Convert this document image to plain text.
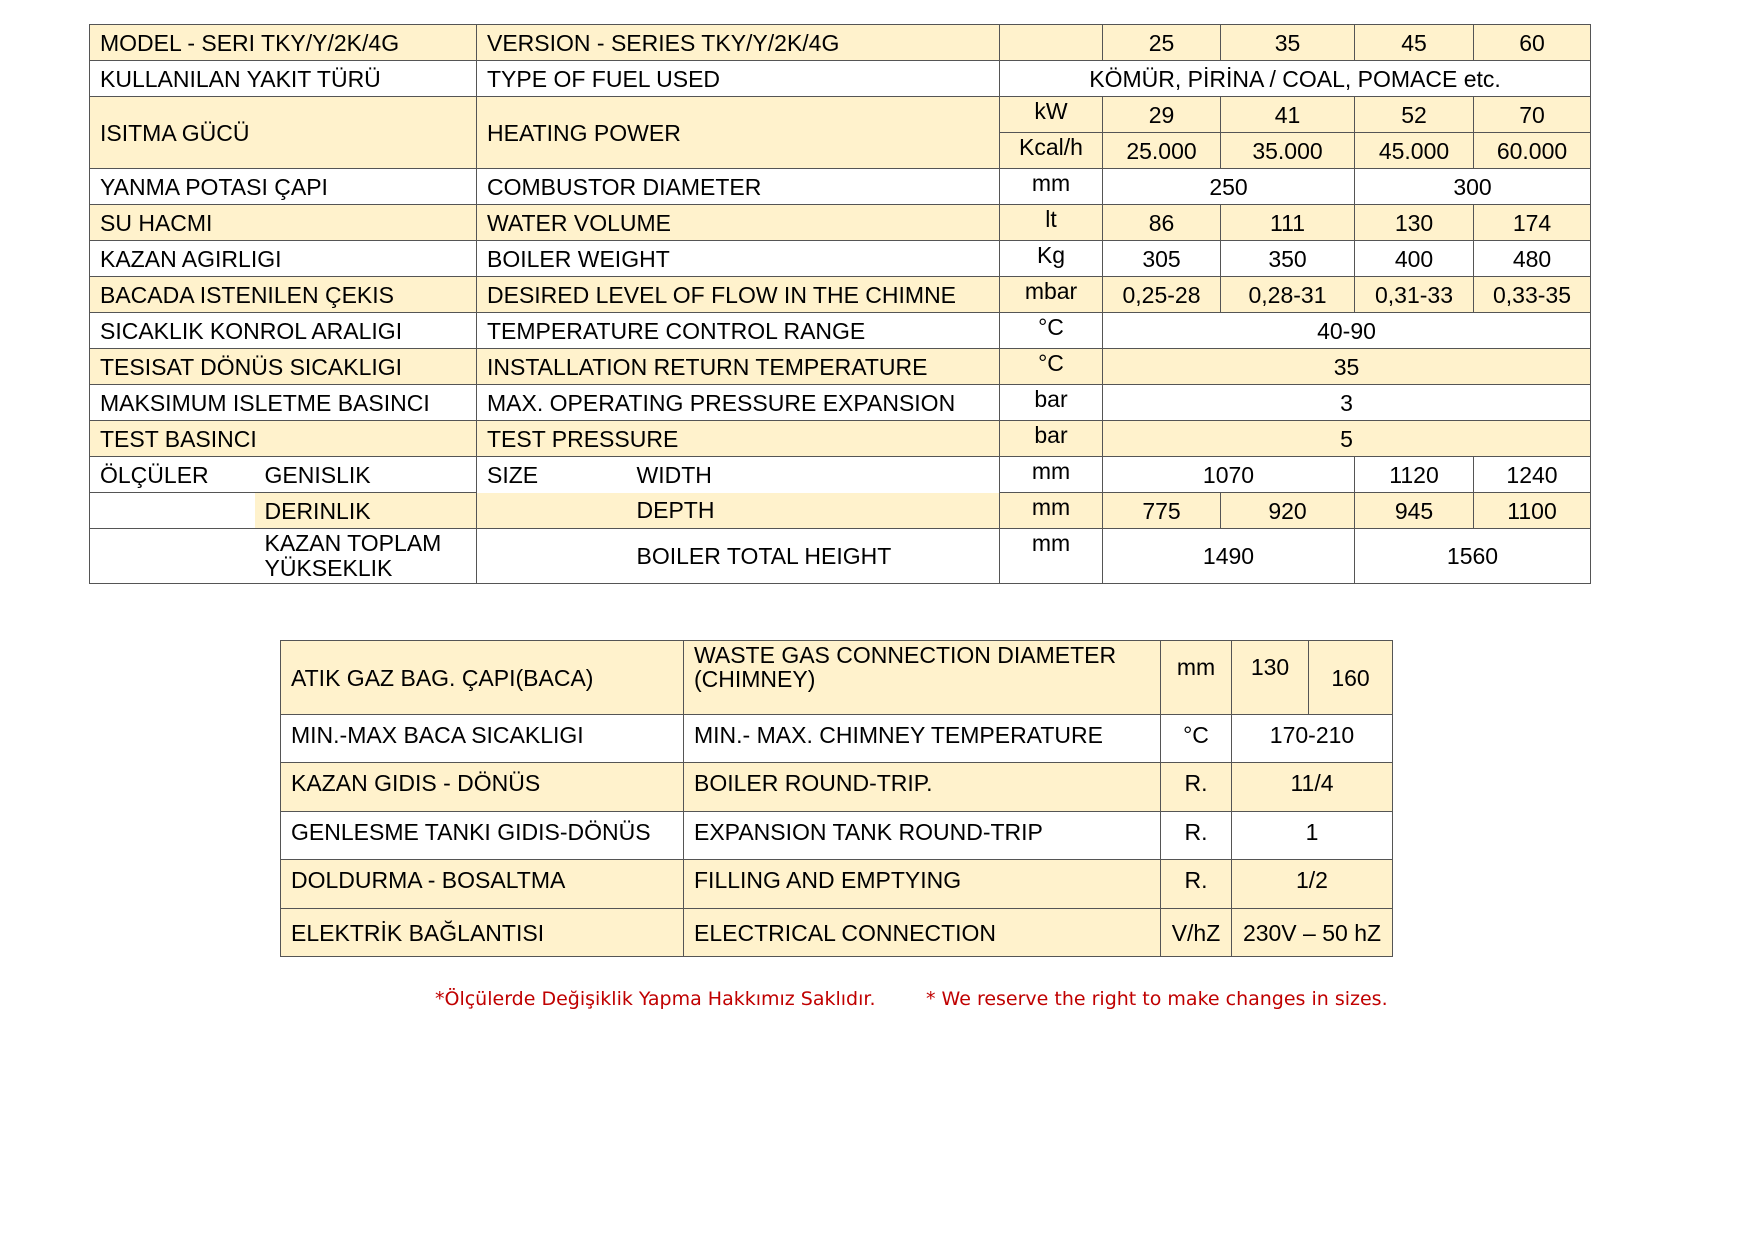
MODEL - SERI TKY/Y/2K/4G		VERSION - SERIES TKY/Y/2K/4G			25	35	45	60
KULLANILAN YAKIT TÜRÜ		TYPE OF FUEL USED		KÖMÜR, PİRİNA / COAL, POMACE etc.				
ISITMA GÜCÜ		HEATING POWER		kW	29	41	52	70
				Kcal/h	25.000	35.000	45.000	60.000
YANMA POTASI ÇAPI		COMBUSTOR DIAMETER		mm	250		300	
SU HACMI		WATER VOLUME		lt	86	111	130	174
KAZAN AGIRLIGI		BOILER WEIGHT		Kg	305	350	400	480
BACADA ISTENILEN ÇEKIS		DESIRED LEVEL OF FLOW IN THE CHIMNE		mbar	0,25-28	0,28-31	0,31-33	0,33-35
SICAKLIK KONROL ARALIGI		TEMPERATURE CONTROL RANGE		°C	40-90			
TESISAT DÖNÜS SICAKLIGI		INSTALLATION RETURN TEMPERATURE		°C	35			
MAKSIMUM ISLETME BASINCI		MAX. OPERATING PRESSURE EXPANSION		bar	3			
TEST BASINCI		TEST PRESSURE		bar	5			
ÖLÇÜLER	GENISLIK	SIZE	WIDTH	mm	1070		1120	1240
	DERINLIK		DEPTH	mm	775	920	945	1100
	KAZAN TOPLAM YÜKSEKLIK		BOILER TOTAL HEIGHT	mm	1490		1560	
ATIK GAZ BAG. ÇAPI(BACA)	WASTE GAS CONNECTION DIAMETER (CHIMNEY)	mm	130	160
MIN.-MAX BACA SICAKLIGI	MIN.- MAX. CHIMNEY TEMPERATURE	°C	170-210	
KAZAN GIDIS - DÖNÜS	BOILER ROUND-TRIP.	R.	11/4	
GENLESME TANKI GIDIS-DÖNÜS	EXPANSION TANK ROUND-TRIP	R.	1	
DOLDURMA - BOSALTMA	FILLING AND EMPTYING	R.	1/2	
ELEKTRİK BAĞLANTISI	ELECTRICAL CONNECTION	V/hZ	230V – 50 hZ	
*Ölçülerde Değişiklik Yapma Hakkımız Saklıdır.	* We reserve the right to make changes in sizes.
